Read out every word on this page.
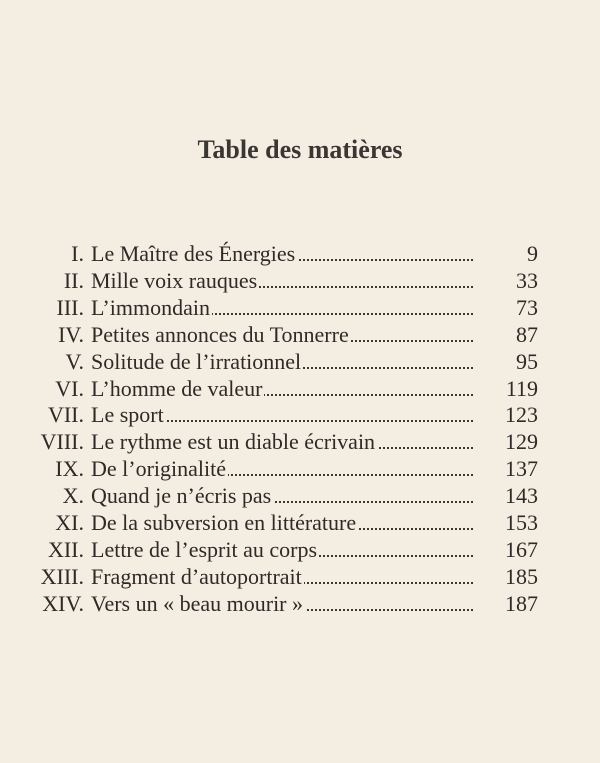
Table des matières
I. Le Maître des Énergies	9
II. Mille voix rauques	33
III. L’immondain	73
IV. Petites annonces du Tonnerre	87
V. Solitude de l’irrationnel	95
VI. L’homme de valeur	119
VII. Le sport	123
VIII. Le rythme est un diable écrivain	129
IX. De l’originalité	137
X. Quand je n’écris pas	143
XI. De la subversion en littérature	153
XII. Lettre de l’esprit au corps	167
XIII. Fragment d’autoportrait	185
XIV. Vers un « beau mourir »	187
